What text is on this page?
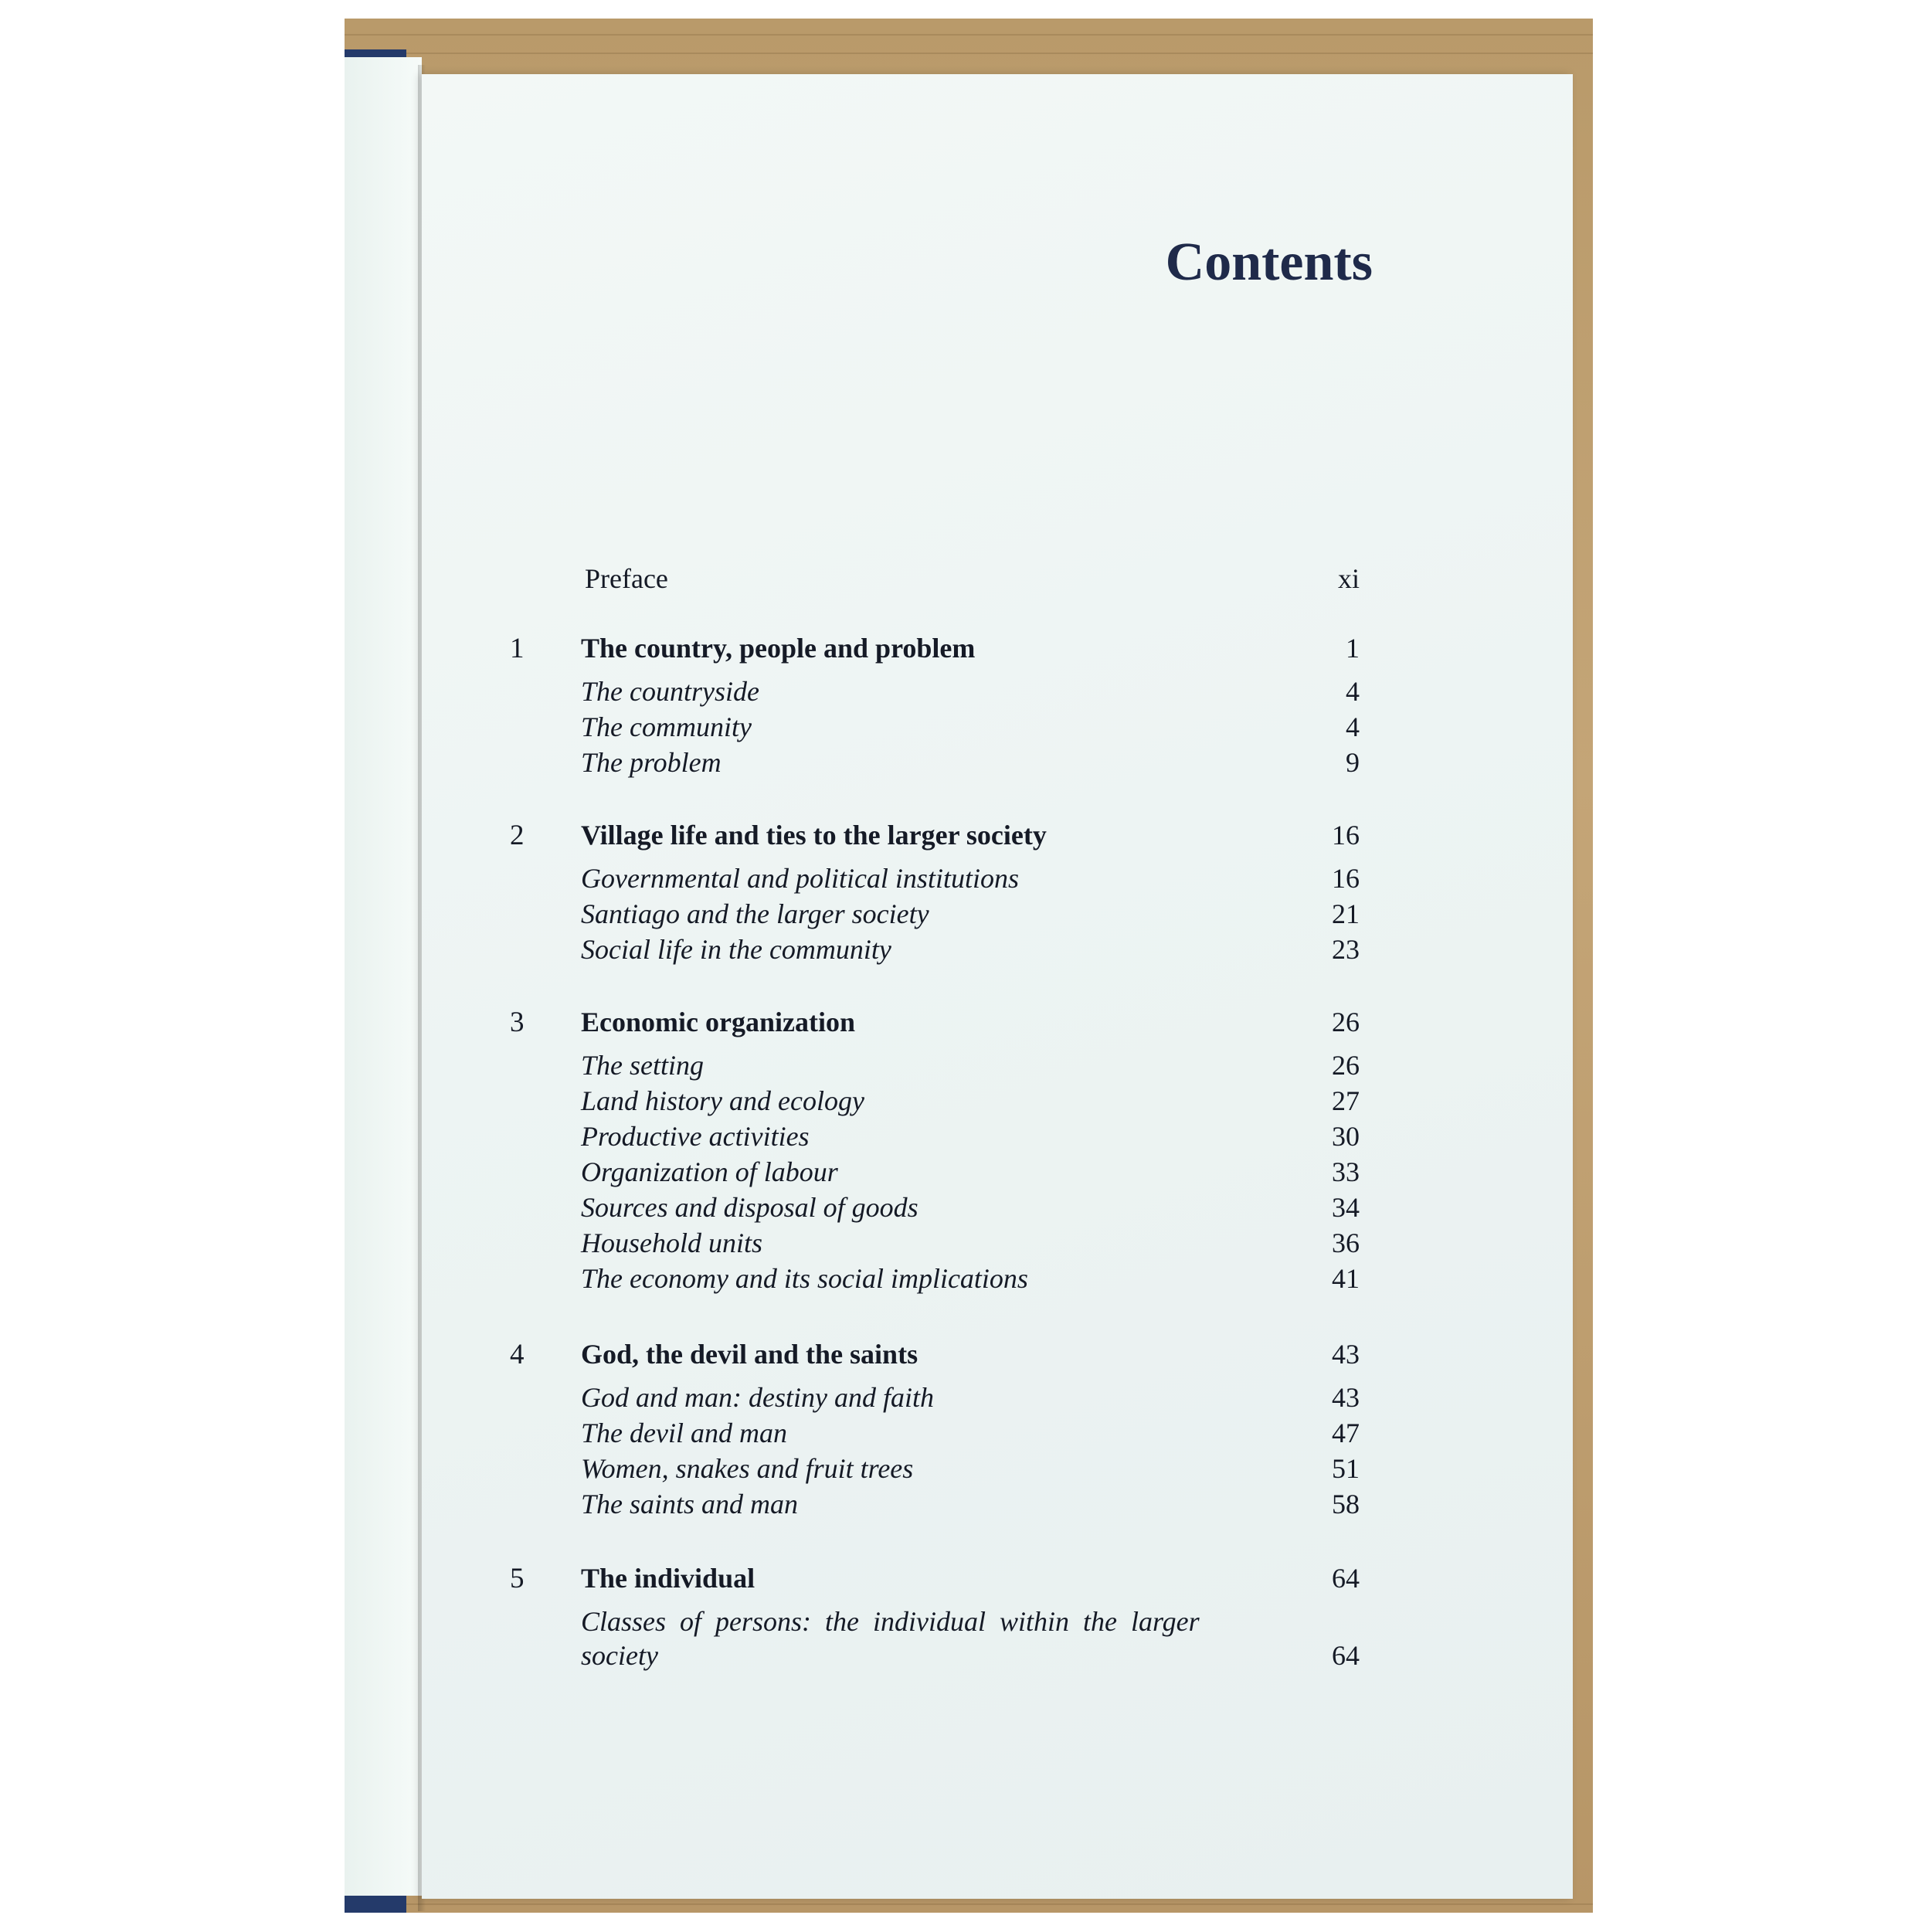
Contents
Preface	xi
1 The country, people and problem	1
The countryside	4
The community	4
The problem	9
2 Village life and ties to the larger society	16
Governmental and political institutions	16
Santiago and the larger society	21
Social life in the community	23
3 Economic organization	26
The setting	26
Land history and ecology	27
Productive activities	30
Organization of labour	33
Sources and disposal of goods	34
Household units	36
The economy and its social implications	41
4 God, the devil and the saints	43
God and man: destiny and faith	43
The devil and man	47
Women, snakes and fruit trees	51
The saints and man	58
5 The individual	64
Classes of persons: the individual within the larger
society	64
